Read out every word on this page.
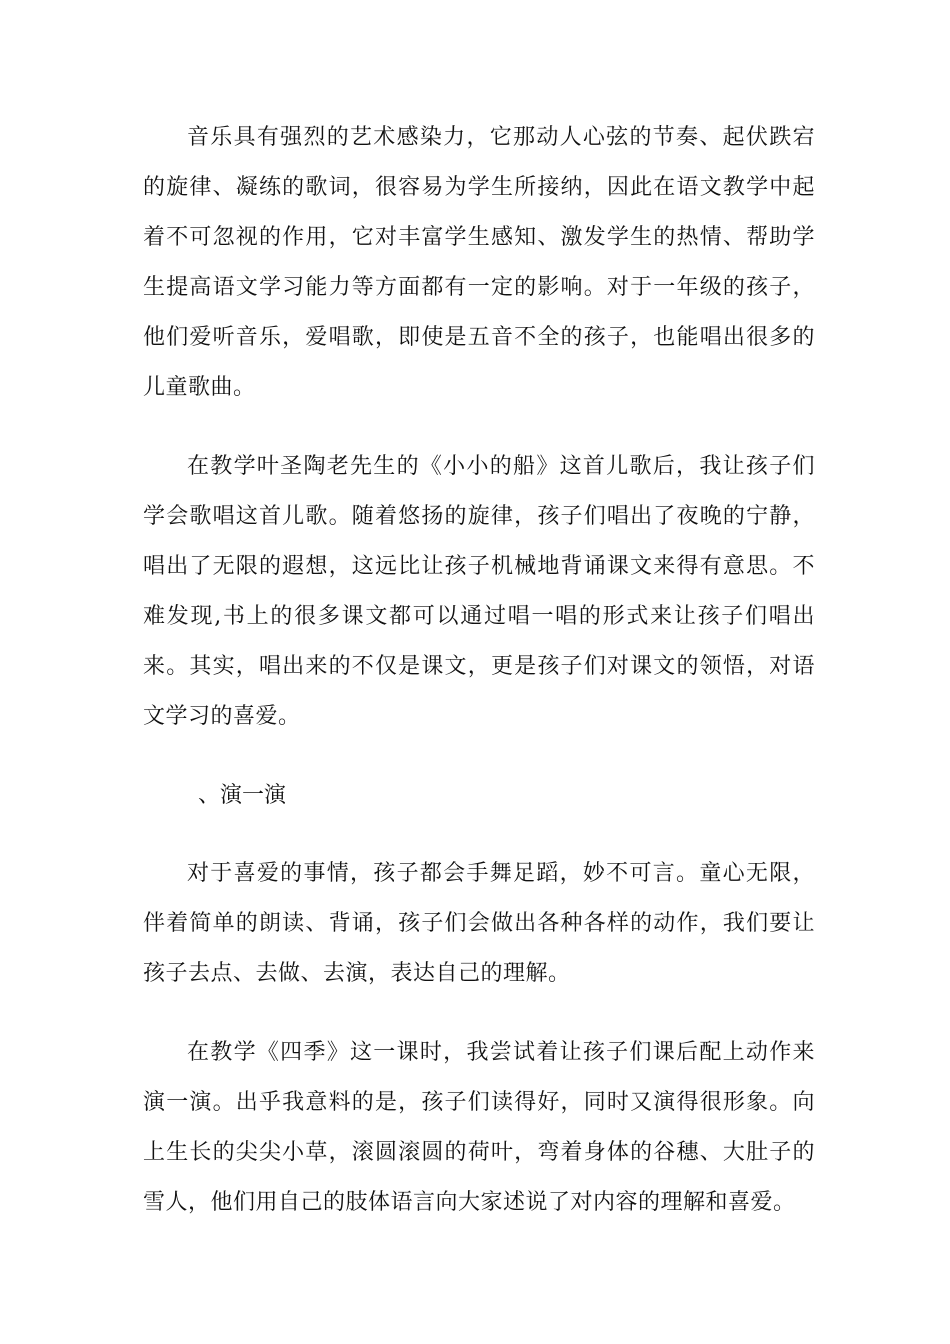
音乐具有强烈的艺术感染力，它那动人心弦的节奏、起伏跌宕的旋律、凝练的歌词，很容易为学生所接纳，因此在语文教学中起着不可忽视的作用，它对丰富学生感知、激发学生的热情、帮助学生提高语文学习能力等方面都有一定的影响。对于一年级的孩子，他们爱听音乐，爱唱歌，即使是五音不全的孩子，也能唱出很多的儿童歌曲。

在教学叶圣陶老先生的《小小的船》这首儿歌后，我让孩子们学会歌唱这首儿歌。随着悠扬的旋律，孩子们唱出了夜晚的宁静，唱出了无限的遐想，这远比让孩子机械地背诵课文来得有意思。不难发现,书上的很多课文都可以通过唱一唱的形式来让孩子们唱出来。其实，唱出来的不仅是课文，更是孩子们对课文的领悟，对语文学习的喜爱。

、演一演

对于喜爱的事情，孩子都会手舞足蹈，妙不可言。童心无限，伴着简单的朗读、背诵，孩子们会做出各种各样的动作，我们要让孩子去点、去做、去演，表达自己的理解。

在教学《四季》这一课时，我尝试着让孩子们课后配上动作来演一演。出乎我意料的是，孩子们读得好，同时又演得很形象。向上生长的尖尖小草，滚圆滚圆的荷叶，弯着身体的谷穗、大肚子的雪人，他们用自己的肢体语言向大家述说了对内容的理解和喜爱。
